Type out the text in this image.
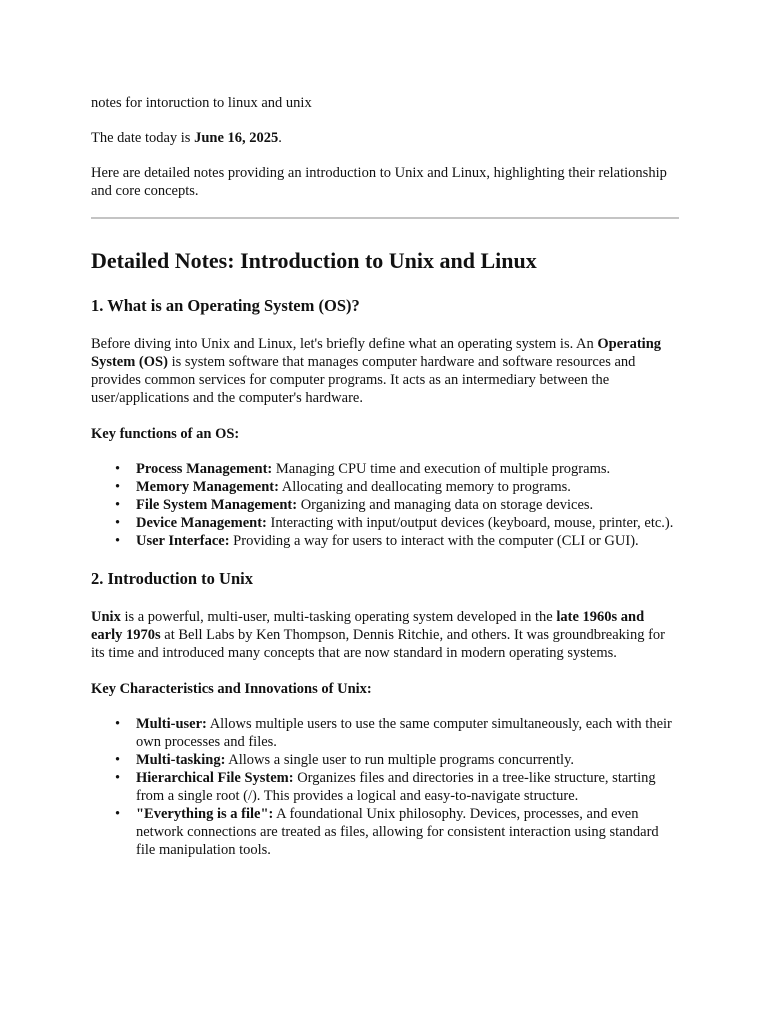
notes for intoruction to linux and unix

The date today is June 16, 2025.

Here are detailed notes providing an introduction to Unix and Linux, highlighting their relationship and core concepts.

Detailed Notes: Introduction to Unix and Linux
1. What is an Operating System (OS)?

Before diving into Unix and Linux, let's briefly define what an operating system is. An Operating System (OS) is system software that manages computer hardware and software resources and provides common services for computer programs. It acts as an intermediary between the user/applications and the computer's hardware.

Key functions of an OS:

• Process Management: Managing CPU time and execution of multiple programs.
• Memory Management: Allocating and deallocating memory to programs.
• File System Management: Organizing and managing data on storage devices.
• Device Management: Interacting with input/output devices (keyboard, mouse, printer, etc.).
• User Interface: Providing a way for users to interact with the computer (CLI or GUI).
2. Introduction to Unix

Unix is a powerful, multi-user, multi-tasking operating system developed in the late 1960s and early 1970s at Bell Labs by Ken Thompson, Dennis Ritchie, and others. It was groundbreaking for its time and introduced many concepts that are now standard in modern operating systems.

Key Characteristics and Innovations of Unix:

• Multi-user: Allows multiple users to use the same computer simultaneously, each with their own processes and files.
• Multi-tasking: Allows a single user to run multiple programs concurrently.
• Hierarchical File System: Organizes files and directories in a tree-like structure, starting from a single root (/). This provides a logical and easy-to-navigate structure.
• "Everything is a file": A foundational Unix philosophy. Devices, processes, and even network connections are treated as files, allowing for consistent interaction using standard file manipulation tools.
